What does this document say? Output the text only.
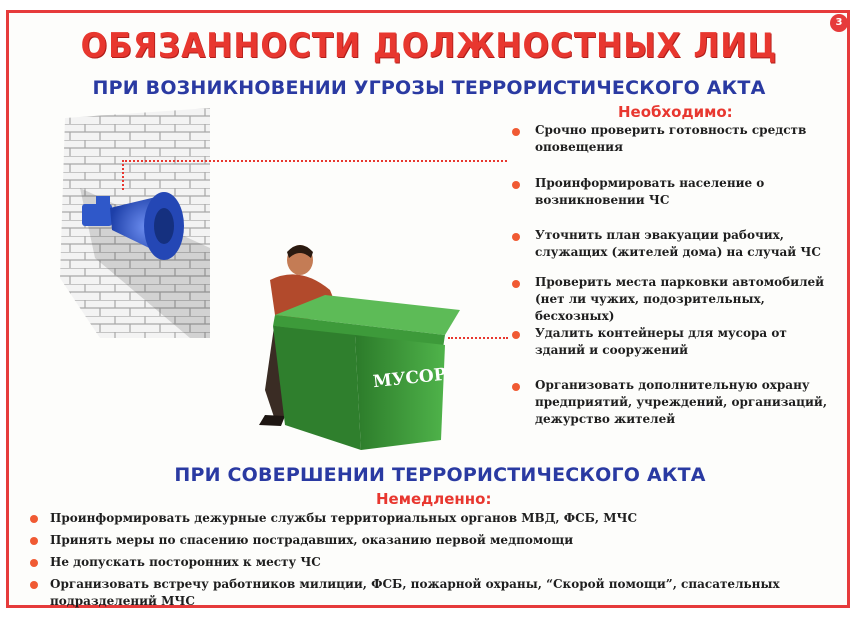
3
ОБЯЗАННОСТИ ДОЛЖНОСТНЫХ ЛИЦ
ПРИ ВОЗНИКНОВЕНИИ УГРОЗЫ ТЕРРОРИСТИЧЕСКОГО АКТА
Необходимо:
МУСОР
Срочно проверить готовность средств оповещения
Проинформировать население о возникновении ЧС
Уточнить план эвакуации рабочих, служащих (жителей дома) на случай ЧС
Проверить места парковки автомобилей (нет ли чужих, подозрительных, бесхозных)
Удалить контейнеры для мусора от зданий и сооружений
Организовать дополнительную охрану предприятий, учреждений, организаций, дежурство жителей
ПРИ СОВЕРШЕНИИ ТЕРРОРИСТИЧЕСКОГО АКТА
Немедленно:
Проинформировать дежурные службы территориальных органов МВД, ФСБ, МЧС
Принять меры по спасению пострадавших, оказанию первой медпомощи
Не допускать посторонних к месту ЧС
Организовать встречу работников милиции, ФСБ, пожарной охраны, “Скорой помощи”, спасательных подразделений МЧС
